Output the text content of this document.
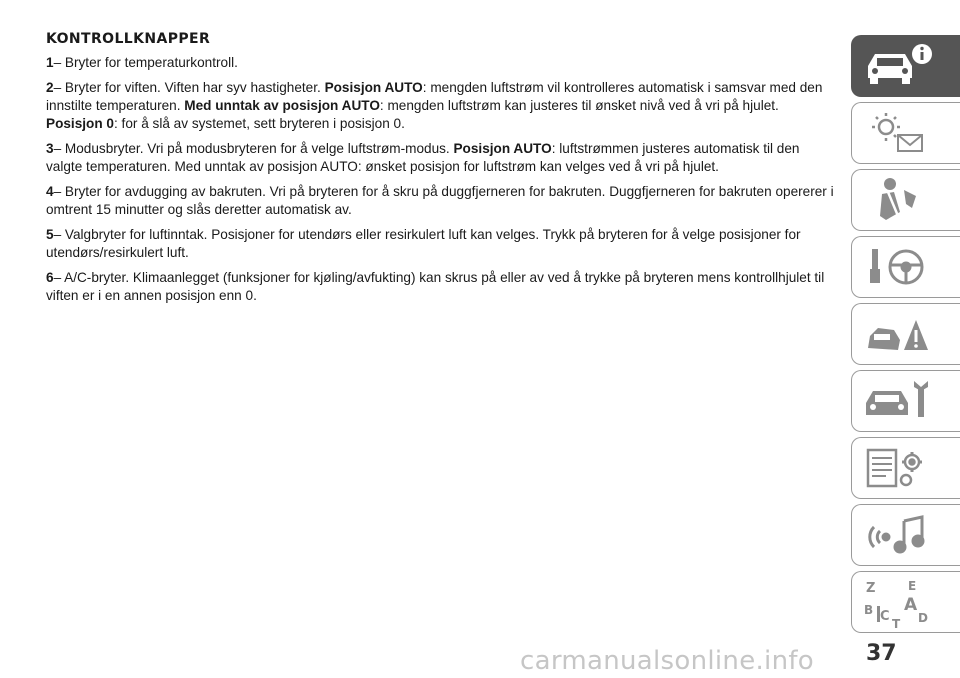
KONTROLLKNAPPER

1– Bryter for temperaturkontroll.

2– Bryter for viften. Viften har syv hastigheter. Posisjon AUTO: mengden luftstrøm vil kontrolleres automatisk i samsvar med den innstilte temperaturen. Med unntak av posisjon AUTO: mengden luftstrøm kan justeres til ønsket nivå ved å vri på hjulet. Posisjon 0: for å slå av systemet, sett bryteren i posisjon 0.

3– Modusbryter. Vri på modusbryteren for å velge luftstrøm-modus. Posisjon AUTO: luftstrømmen justeres automatisk til den valgte temperaturen. Med unntak av posisjon AUTO: ønsket posisjon for luftstrøm kan velges ved å vri på hjulet.

4– Bryter for avdugging av bakruten. Vri på bryteren for å skru på duggfjerneren for bakruten. Duggfjerneren for bakruten opererer i omtrent 15 minutter og slås deretter automatisk av.

5– Valgbryter for luftinntak. Posisjoner for utendørs eller resirkulert luft kan velges. Trykk på bryteren for å velge posisjoner for utendørs/resirkulert luft.

6– A/C-bryter. Klimaanlegget (funksjoner for kjøling/avfukting) kan skrus på eller av ved å trykke på bryteren mens kontrollhjulet til viften er i en annen posisjon enn 0.

Z	E
A
B C T D
carmanualsonline.info 37
